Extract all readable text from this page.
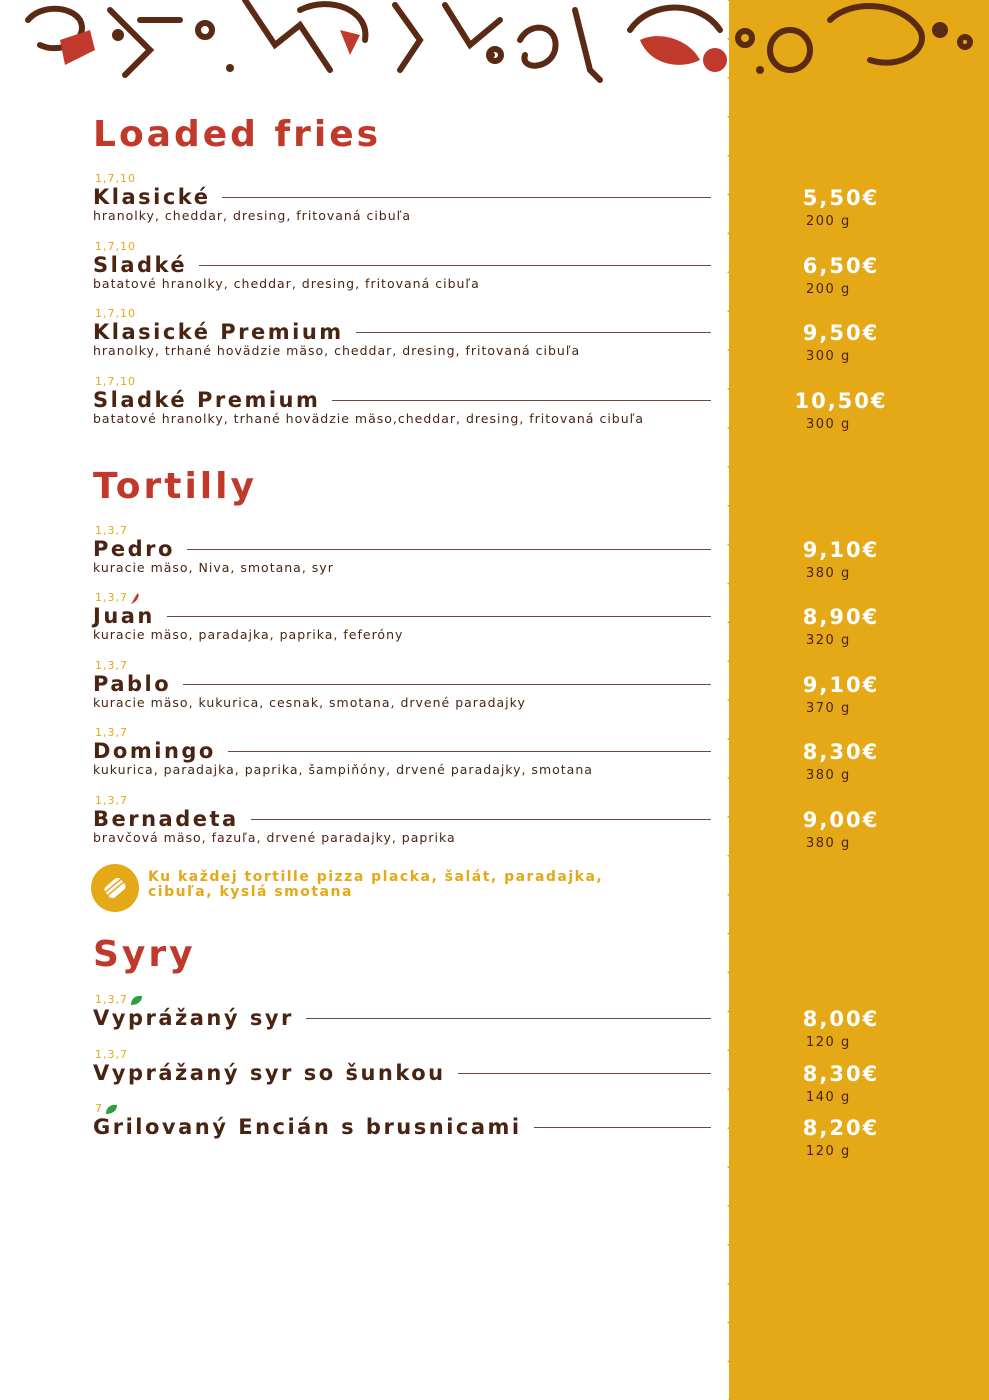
Loaded fries
1,7,10
Klasické
hranolky, cheddar, dresing, fritovaná cibuľa
5,50€
200 g
1,7,10
Sladké
batatové hranolky, cheddar, dresing, fritovaná cibuľa
6,50€
200 g
1,7,10
Klasické Premium
hranolky, trhané hovädzie mäso, cheddar, dresing, fritovaná cibuľa
9,50€
300 g
1,7,10
Sladké Premium
batatové hranolky, trhané hovädzie mäso,cheddar, dresing, fritovaná cibuľa
10,50€
300 g
Tortilly
1,3,7
Pedro
kuracie mäso, Niva, smotana, syr
9,10€
380 g
1,3,7
Juan
kuracie mäso, paradajka, paprika, feferóny
8,90€
320 g
1,3,7
Pablo
kuracie mäso, kukurica, cesnak, smotana, drvené paradajky
9,10€
370 g
1,3,7
Domingo
kukurica, paradajka, paprika, šampiňóny, drvené paradajky, smotana
8,30€
380 g
1,3,7
Bernadeta
bravčová mäso, fazuľa, drvené paradajky, paprika
9,00€
380 g
Ku každej tortille pizza placka, šalát, paradajka, cibuľa, kyslá smotana
Syry
1,3,7
Vyprážaný syr	8,00€
120 g
1,3,7
Vyprážaný syr so šunkou	8,30€
140 g
7
Grilovaný Encián s brusnicami	8,20€
120 g
